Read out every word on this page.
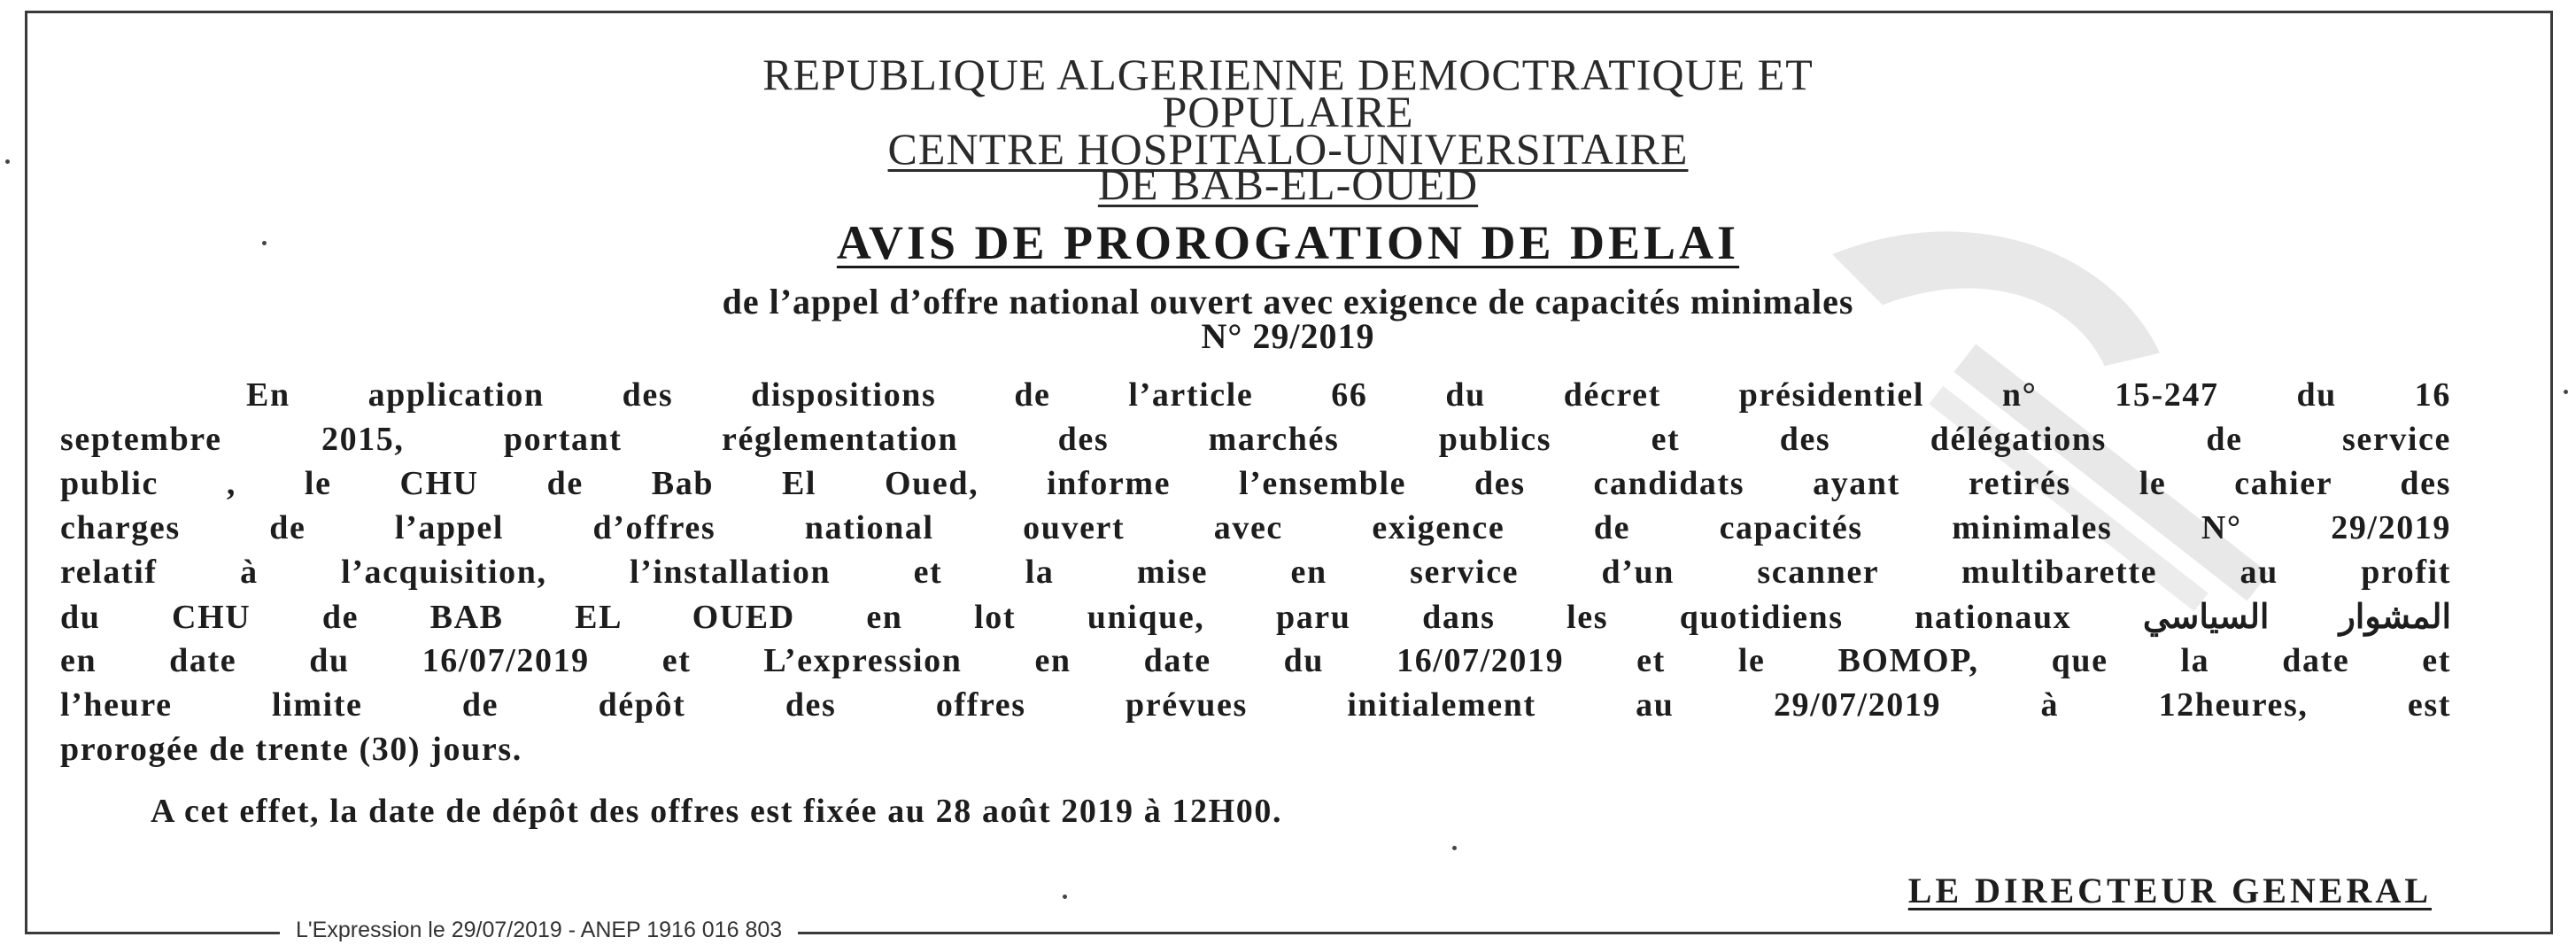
REPUBLIQUE ALGERIENNE DEMOCTRATIQUE ET
POPULAIRE
CENTRE HOSPITALO-UNIVERSITAIRE
DE BAB-EL-OUED
AVIS DE PROROGATION DE DELAI
de l’appel d’offre national ouvert avec exigence de capacités minimales
N° 29/2019
En application des dispositions de l’article 66 du décret présidentiel n° 15-247 du 16
septembre 2015, portant réglementation des marchés publics et des délégations de service
public , le CHU de Bab El Oued, informe l’ensemble des candidats ayant retirés le cahier des
charges de l’appel d’offres national ouvert avec exigence de capacités minimales N° 29/2019
relatif à l’acquisition, l’installation et la mise en service d’un scanner multibarette au profit
du CHU de BAB EL OUED en lot unique, paru dans les quotidiens nationaux المشوار السياسي
en date du 16/07/2019 et L’expression en date du 16/07/2019 et le BOMOP, que la date et
l’heure limite de dépôt des offres prévues initialement au 29/07/2019 à 12heures, est
prorogée de trente (30) jours.
A cet effet, la date de dépôt des offres est fixée au 28 août 2019 à 12H00.
LE DIRECTEUR GENERAL
L'Expression le 29/07/2019 - ANEP 1916 016 803
